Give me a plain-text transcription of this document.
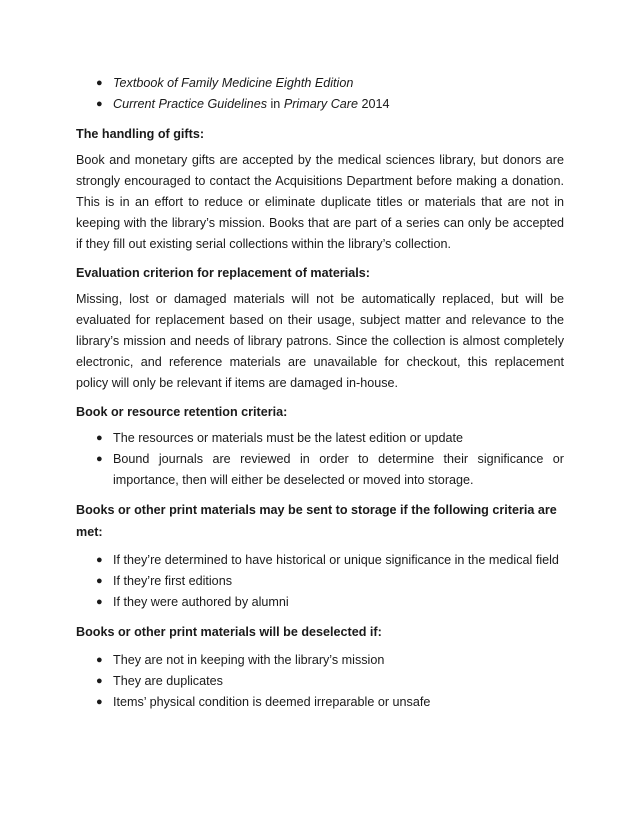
● Textbook of Family Medicine Eighth Edition
● Current Practice Guidelines in Primary Care 2014
The handling of gifts:

Book and monetary gifts are accepted by the medical sciences library, but donors are strongly encouraged to contact the Acquisitions Department before making a donation. This is in an effort to reduce or eliminate duplicate titles or materials that are not in keeping with the library’s mission. Books that are part of a series can only be accepted if they fill out existing serial collections within the library’s collection.

Evaluation criterion for replacement of materials:

Missing, lost or damaged materials will not be automatically replaced, but will be evaluated for replacement based on their usage, subject matter and relevance to the library’s mission and needs of library patrons. Since the collection is almost completely electronic, and reference materials are unavailable for checkout, this replacement policy will only be relevant if items are damaged in-house.

Book or resource retention criteria:
● The resources or materials must be the latest edition or update
● Bound journals are reviewed in order to determine their significance or importance, then will either be deselected or moved into storage.
Books or other print materials may be sent to storage if the following criteria are met:
● If they’re determined to have historical or unique significance in the medical field
● If they’re first editions
● If they were authored by alumni
Books or other print materials will be deselected if:
● They are not in keeping with the library’s mission
● They are duplicates
● Items’ physical condition is deemed irreparable or unsafe
